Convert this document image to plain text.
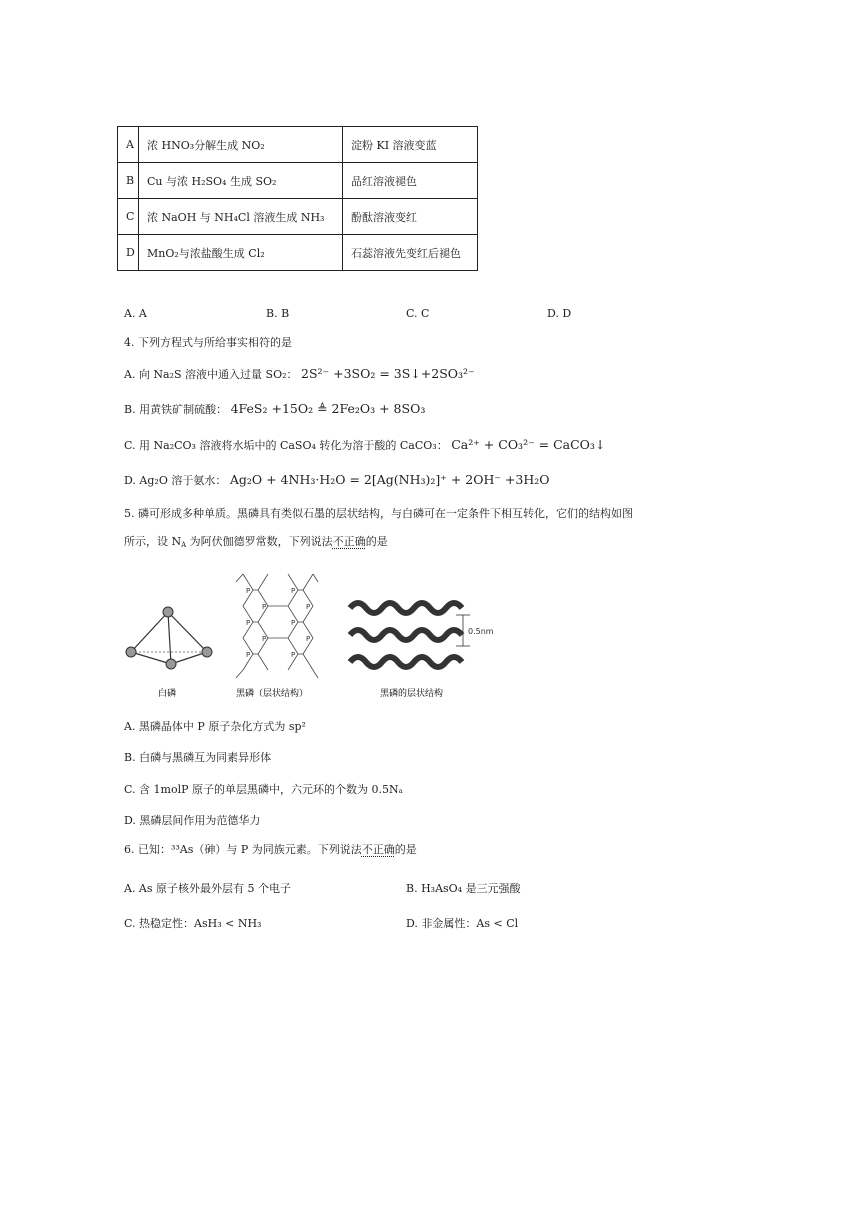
A	浓 HNO₃分解生成 NO₂	淀粉 KI 溶液变蓝
B	Cu 与浓 H₂SO₄ 生成 SO₂	品红溶液褪色
C	浓 NaOH 与 NH₄Cl 溶液生成 NH₃	酚酞溶液变红
D	MnO₂与浓盐酸生成 Cl₂	石蕊溶液先变红后褪色
A. A	B. B	C. C	D. D
4. 下列方程式与所给事实相符的是
A. 向 Na₂S 溶液中通入过量 SO₂： 2S²⁻ +3SO₂ = 3S↓+2SO₃²⁻
B. 用黄铁矿制硫酸： 4FeS₂ +15O₂ ≜ 2Fe₂O₃ + 8SO₃
C. 用 Na₂CO₃ 溶液将水垢中的 CaSO₄ 转化为溶于酸的 CaCO₃： Ca²⁺ + CO₃²⁻ = CaCO₃↓
D. Ag₂O 溶于氨水： Ag₂O + 4NH₃·H₂O = 2[Ag(NH₃)₂]⁺ + 2OH⁻ +3H₂O
5. 磷可形成多种单质。黑磷具有类似石墨的层状结构，与白磷可在一定条件下相互转化，它们的结构如图
所示，设 $N_A$ 为阿伏伽德罗常数，下列说法不正确的是
白磷
P
P
P
P
P
P
P
P
P	P
黑磷（层状结构）
0.5nm
黑磷的层状结构
A. 黑磷晶体中 P 原子杂化方式为 sp²
B. 白磷与黑磷互为同素异形体
C. 含 1molP 原子的单层黑磷中，六元环的个数为 0.5Nₐ
D. 黑磷层间作用为范德华力
6. 已知：³³As（砷）与 P 为同族元素。下列说法不正确的是
A. As 原子核外最外层有 5 个电子	B. H₃AsO₄ 是三元强酸
C. 热稳定性：AsH₃ < NH₃	D. 非金属性：As < Cl
